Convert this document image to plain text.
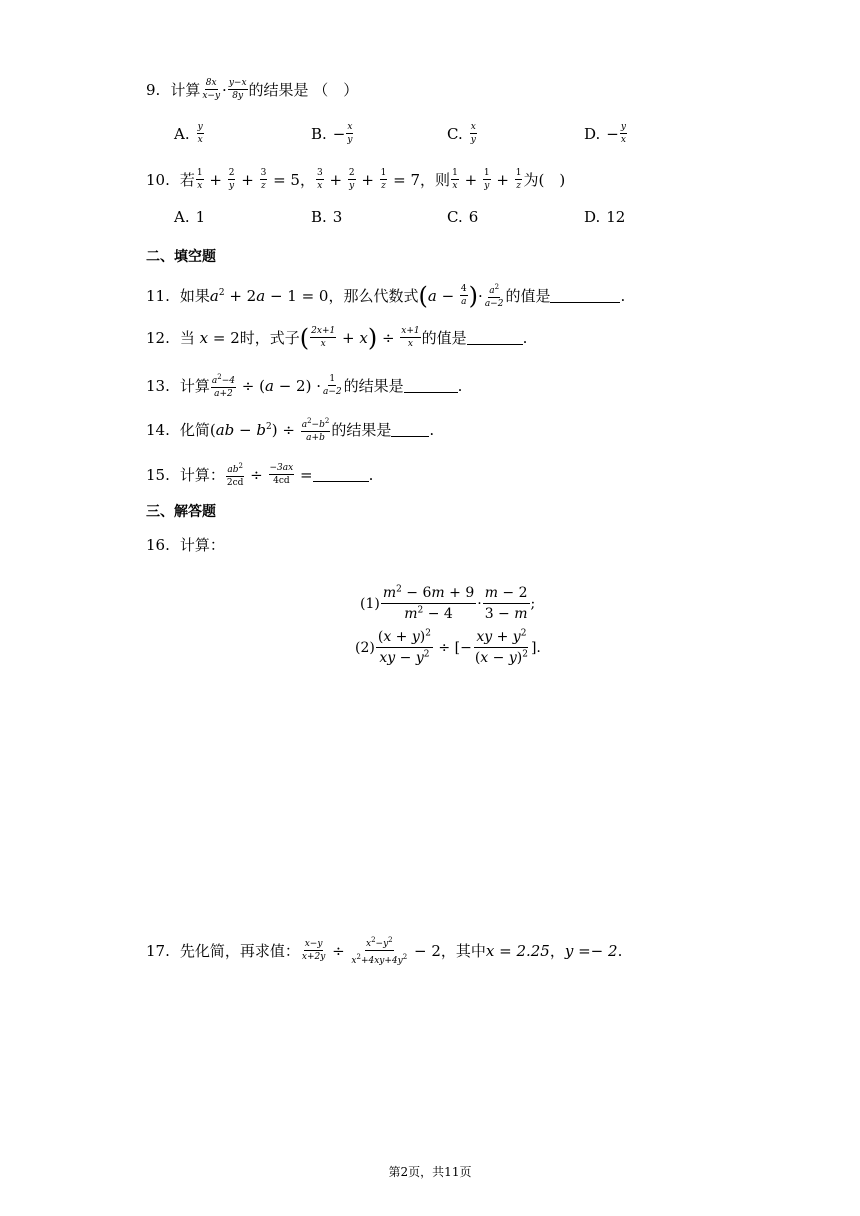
9. 计算 $\frac{8x}{x-y} \cdot \frac{y-x}{8y}$ 的结果是 （　）
A. $\frac{y}{x}$	B. − $\frac{x}{y}$	C. $\frac{x}{y}$	D. − $\frac{y}{x}$
10. 若 $\frac{1}{x} + \frac{2}{y} + \frac{3}{z} = 5$ ， $\frac{3}{x} + \frac{2}{y} + \frac{1}{z} = 7$ ，则 $\frac{1}{x} + \frac{1}{y} + \frac{1}{z}$ 为(　)
A. 1	B. 3	C. 6	D. 12
二、填空题
11. 如果 $a^2 + 2a - 1 = 0$ ，那么代数式 ( $a - \frac{4}{a}$ ) · $\frac{a^2}{a-2}$ 的值是	.
12. 当 x = 2 时，式子 ( $\frac{2x+1}{x} + x$ ) ÷ $\frac{x+1}{x}$ 的值是	.
13. 计算 $\frac{a^2-4}{a+2}$ ÷ ( $a - 2) \cdot \frac{1}{a-2}$ 的结果是	.
14. 化简 ( ab − $b^2$ ) ÷ $\frac{a^2-b^2}{a+b}$ 的结果是	.
15. 计算： $\frac{ab^2}{2cd} \div \frac{-3ax}{4cd}$ =	.
三、解答题
16. 计算：
$(1) \frac{m^2 - 6m + 9}{m^2 - 4} \cdot \frac{m - 2}{3 - m}$ ;
$(2) \frac{(x + y)^2}{xy - y^2}$ ÷ [− $\frac{xy + y^2}{(x - y)^2}$ ].
17. 先化简，再求值： $\frac{x-y}{x+2y} \div \frac{x^2-y^2}{x^2+4xy+4y^2} - 2$ ，其中 x = 2.25 ， y =− 2 .
第2页，共11页
